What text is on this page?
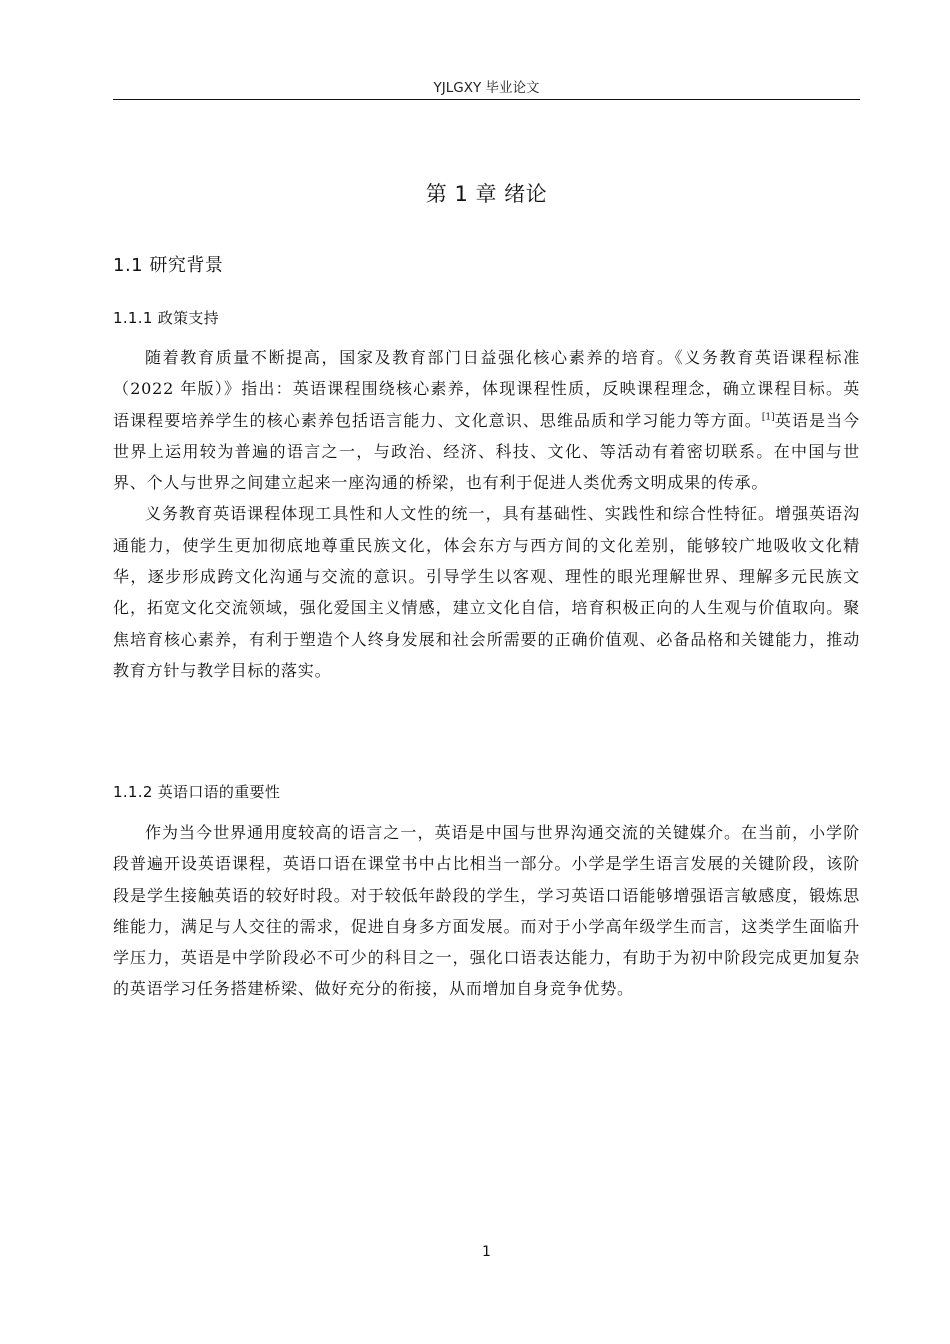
YJLGXY 毕业论文
第 1 章 绪论
1.1 研究背景
1.1.1 政策支持

随着教育质量不断提高，国家及教育部门日益强化核心素养的培育。《义务教育英语课程标准（2022 年版）》指出：英语课程围绕核心素养，体现课程性质，反映课程理念，确立课程目标。英语课程要培养学生的核心素养包括语言能力、文化意识、思维品质和学习能力等方面。[1]英语是当今世界上运用较为普遍的语言之一，与政治、经济、科技、文化、等活动有着密切联系。在中国与世界、个人与世界之间建立起来一座沟通的桥梁，也有利于促进人类优秀文明成果的传承。

义务教育英语课程体现工具性和人文性的统一，具有基础性、实践性和综合性特征。增强英语沟通能力，使学生更加彻底地尊重民族文化，体会东方与西方间的文化差别，能够较广地吸收文化精华，逐步形成跨文化沟通与交流的意识。引导学生以客观、理性的眼光理解世界、理解多元民族文化，拓宽文化交流领域，强化爱国主义情感，建立文化自信，培育积极正向的人生观与价值取向。聚焦培育核心素养，有利于塑造个人终身发展和社会所需要的正确价值观、必备品格和关键能力，推动教育方针与教学目标的落实。

1.1.2 英语口语的重要性

作为当今世界通用度较高的语言之一，英语是中国与世界沟通交流的关键媒介。在当前，小学阶段普遍开设英语课程，英语口语在课堂书中占比相当一部分。小学是学生语言发展的关键阶段，该阶段是学生接触英语的较好时段。对于较低年龄段的学生，学习英语口语能够增强语言敏感度，锻炼思维能力，满足与人交往的需求，促进自身多方面发展。而对于小学高年级学生而言，这类学生面临升学压力，英语是中学阶段必不可少的科目之一，强化口语表达能力，有助于为初中阶段完成更加复杂的英语学习任务搭建桥梁、做好充分的衔接，从而增加自身竞争优势。

1
